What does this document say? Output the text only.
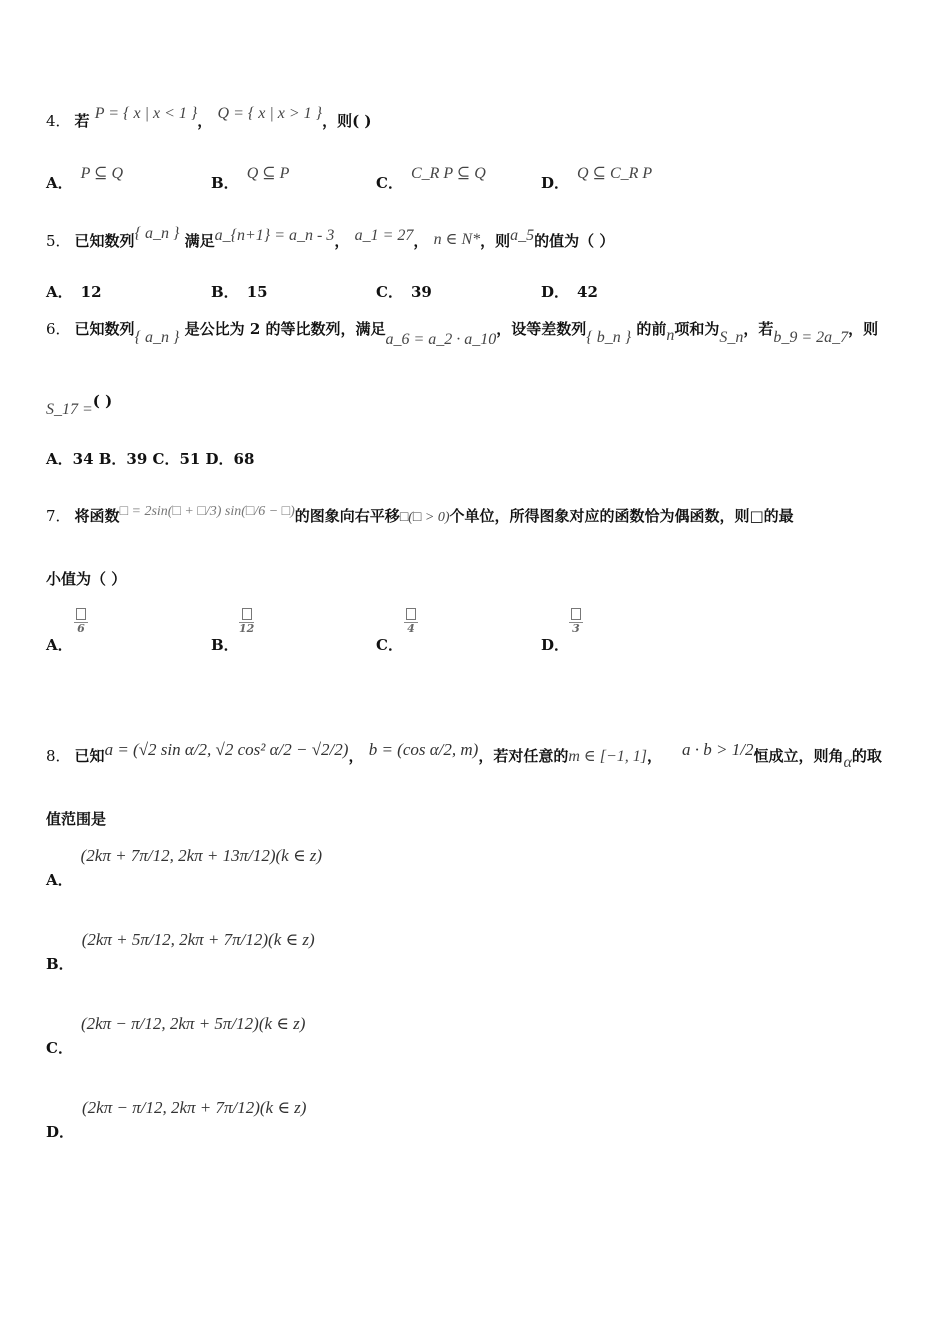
4． 若 P = { x | x < 1 }， Q = { x | x > 1 }，则( )
A．P ⊆ Q
B．Q ⊆ P
C．C_R P ⊆ Q
D．Q ⊆ C_R P
5． 已知数列{ a_n } 满足a_{n+1} = a_n - 3， a_1 = 27， n ∈ N*，则a_5的值为（ ）
A． 12	B． 15	C． 39	D． 42
6． 已知数列{ a_n } 是公比为 2 的等比数列，满足a_6 = a_2 · a_10，设等差数列{ b_n } 的前n项和为S_n，若b_9 = 2a_7，则
S_17 =( )
A．34 B．39 C．51 D．68
7． 将函数□ = 2sin(□ + □/3) sin(□/6 − □)的图象向右平移□(□ > 0)个单位，所得图象对应的函数恰为偶函数，则□的最
小值为（ ）
6

A．
12

B．
4

C．
3

D．
8． 已知a = (√2 sin α/2, √2 cos² α/2 − √2/2)， b = (cos α/2, m)，若对任意的m ∈ [−1, 1]， a · b > 1/2恒成立，则角α的取
值范围是
A．(2kπ + 7π/12, 2kπ + 13π/12)(k ∈ z)
B．(2kπ + 5π/12, 2kπ + 7π/12)(k ∈ z)
C．(2kπ − π/12, 2kπ + 5π/12)(k ∈ z)
D．(2kπ − π/12, 2kπ + 7π/12)(k ∈ z)
